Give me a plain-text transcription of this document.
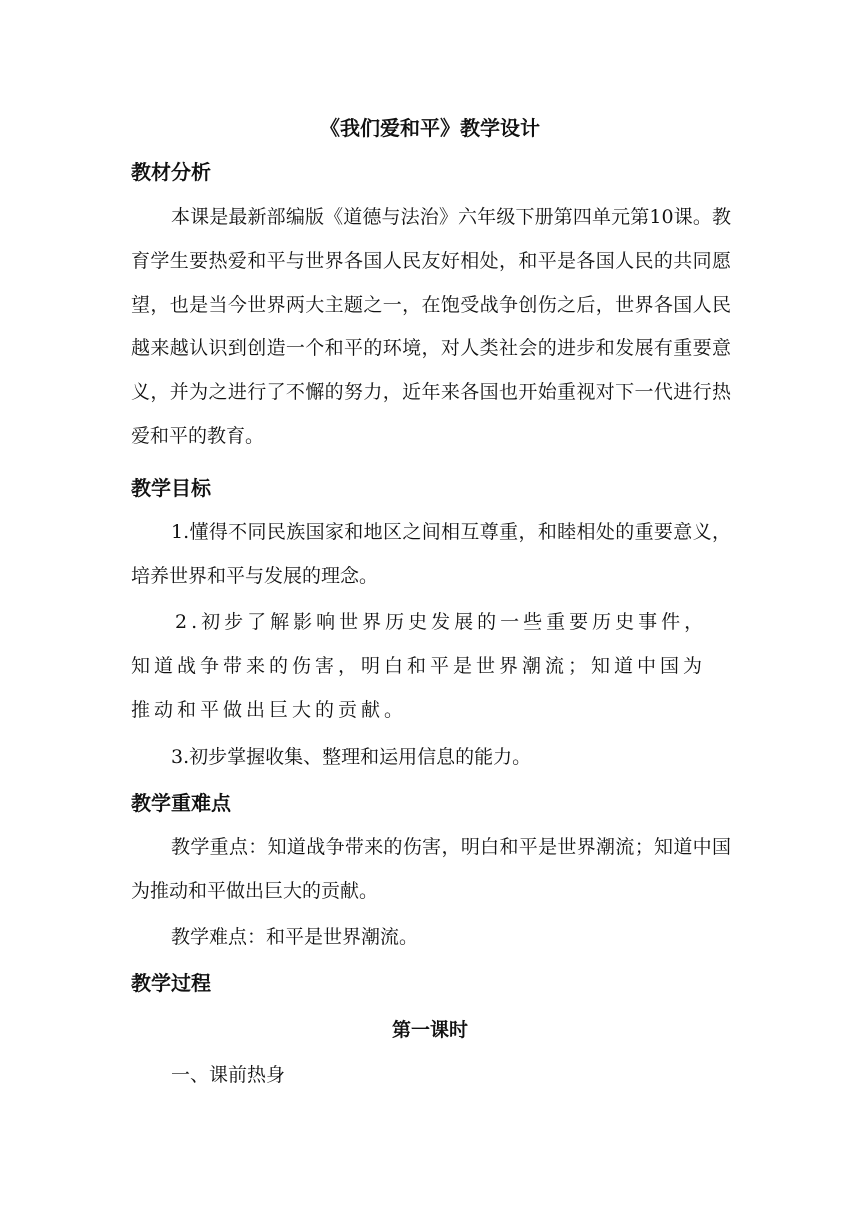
《我们爱和平》教学设计
教材分析
本课是最新部编版《道德与法治》六年级下册第四单元第10课。教育学生要热爱和平与世界各国人民友好相处，和平是各国人民的共同愿望，也是当今世界两大主题之一，在饱受战争创伤之后，世界各国人民越来越认识到创造一个和平的环境，对人类社会的进步和发展有重要意义，并为之进行了不懈的努力，近年来各国也开始重视对下一代进行热爱和平的教育。
教学目标
1.懂得不同民族国家和地区之间相互尊重，和睦相处的重要意义，培养世界和平与发展的理念。
2.初步了解影响世界历史发展的一些重要历史事件，
知道战争带来的伤害，明白和平是世界潮流；知道中国为
推动和平做出巨大的贡献。
3.初步掌握收集、整理和运用信息的能力。
教学重难点
教学重点：知道战争带来的伤害，明白和平是世界潮流；知道中国为推动和平做出巨大的贡献。
教学难点：和平是世界潮流。
教学过程
第一课时
一、课前热身
